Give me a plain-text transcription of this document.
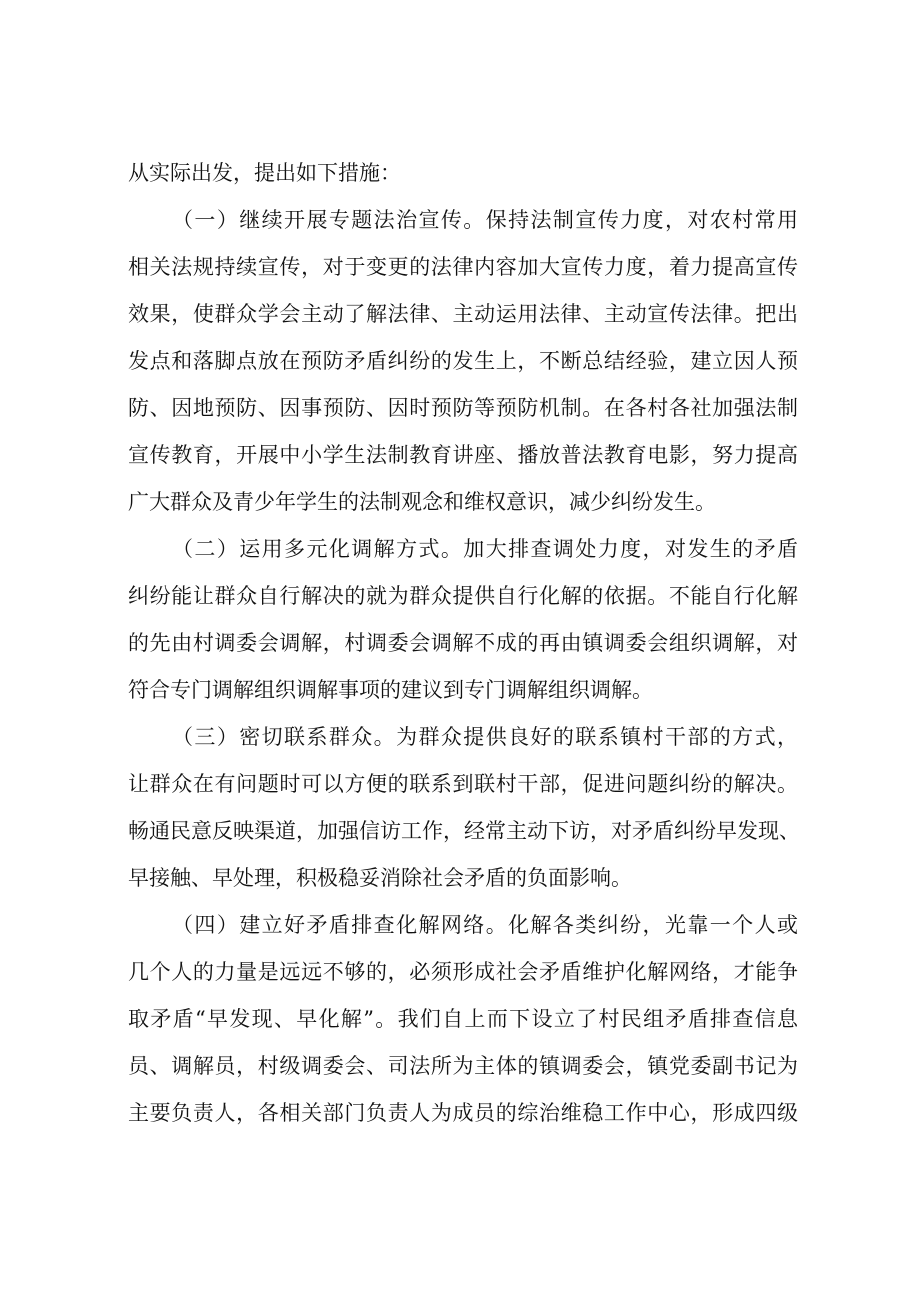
从实际出发，提出如下措施：

（一）继续开展专题法治宣传。保持法制宣传力度，对农村常用

相关法规持续宣传，对于变更的法律内容加大宣传力度，着力提高宣传

效果，使群众学会主动了解法律、主动运用法律、主动宣传法律。把出

发点和落脚点放在预防矛盾纠纷的发生上，不断总结经验，建立因人预

防、因地预防、因事预防、因时预防等预防机制。在各村各社加强法制

宣传教育，开展中小学生法制教育讲座、播放普法教育电影，努力提高

广大群众及青少年学生的法制观念和维权意识，减少纠纷发生。

（二）运用多元化调解方式。加大排查调处力度，对发生的矛盾

纠纷能让群众自行解决的就为群众提供自行化解的依据。不能自行化解

的先由村调委会调解，村调委会调解不成的再由镇调委会组织调解，对

符合专门调解组织调解事项的建议到专门调解组织调解。

（三）密切联系群众。为群众提供良好的联系镇村干部的方式，

让群众在有问题时可以方便的联系到联村干部，促进问题纠纷的解决。

畅通民意反映渠道，加强信访工作，经常主动下访，对矛盾纠纷早发现、

早接触、早处理，积极稳妥消除社会矛盾的负面影响。

（四）建立好矛盾排查化解网络。化解各类纠纷，光靠一个人或

几个人的力量是远远不够的，必须形成社会矛盾维护化解网络，才能争

取矛盾“早发现、早化解”。我们自上而下设立了村民组矛盾排查信息

员、调解员，村级调委会、司法所为主体的镇调委会，镇党委副书记为

主要负责人，各相关部门负责人为成员的综治维稳工作中心，形成四级
